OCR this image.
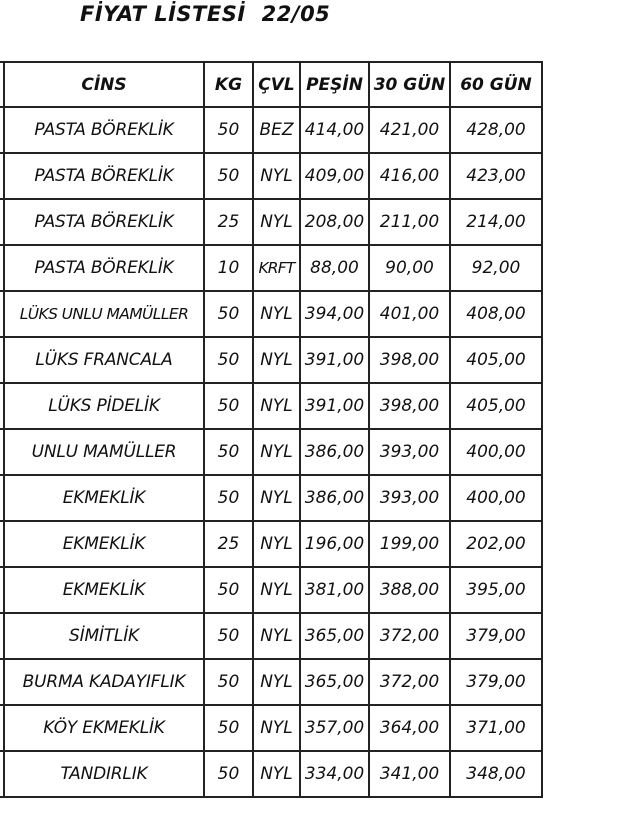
FİYAT LİSTESİ 22/05
	CİNS	KG	ÇVL	PEŞİN	30 GÜN	60 GÜN
	PASTA BÖREKLİK	50	BEZ	414,00	421,00	428,00
	PASTA BÖREKLİK	50	NYL	409,00	416,00	423,00
	PASTA BÖREKLİK	25	NYL	208,00	211,00	214,00
	PASTA BÖREKLİK	10	KRFT	88,00	90,00	92,00
	LÜKS UNLU MAMÜLLER	50	NYL	394,00	401,00	408,00
	LÜKS FRANCALA	50	NYL	391,00	398,00	405,00
	LÜKS PİDELİK	50	NYL	391,00	398,00	405,00
	UNLU MAMÜLLER	50	NYL	386,00	393,00	400,00
	EKMEKLİK	50	NYL	386,00	393,00	400,00
	EKMEKLİK	25	NYL	196,00	199,00	202,00
	EKMEKLİK	50	NYL	381,00	388,00	395,00
	SİMİTLİK	50	NYL	365,00	372,00	379,00
	BURMA KADAYIFLIK	50	NYL	365,00	372,00	379,00
	KÖY EKMEKLİK	50	NYL	357,00	364,00	371,00
	TANDIRLIK	50	NYL	334,00	341,00	348,00
